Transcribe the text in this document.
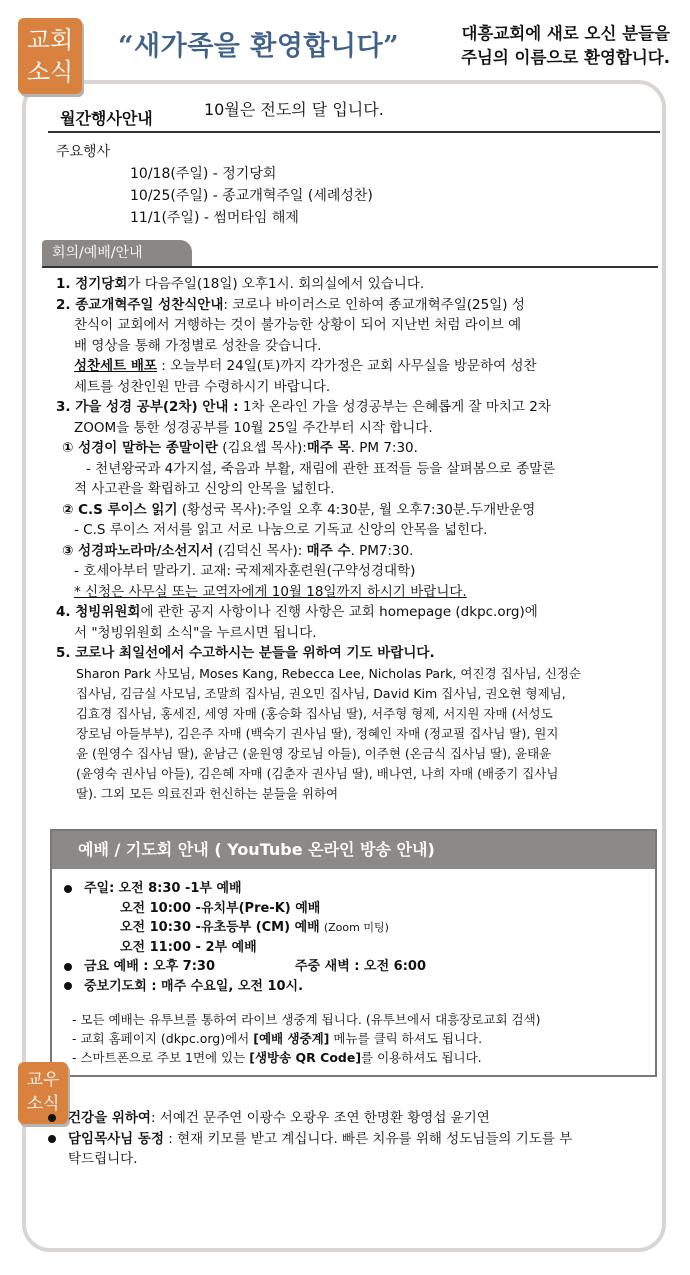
교회
소식
“새가족을 환영합니다”	대흥교회에 새로 오신 분들을
주님의 이름으로 환영합니다.
월간행사안내	10월은 전도의 달 입니다.
주요행사
10/18(주일) - 정기당회
10/25(주일) - 종교개혁주일 (세례성찬)
11/1(주일) - 썸머타임 해제
회의/예배/안내

1. 정기당회가 다음주일(18일) 오후1시. 회의실에서 있습니다.

2. 종교개혁주일 성찬식안내: 코로나 바이러스로 인하여 종교개혁주일(25일) 성

찬식이 교회에서 거행하는 것이 불가능한 상황이 되어 지난번 처럼 라이브 예

배 영상을 통해 가정별로 성찬을 갖습니다.

성찬세트 배포 : 오늘부터 24일(토)까지 각가정은 교회 사무실을 방문하여 성찬

세트를 성찬인원 만큼 수령하시기 바랍니다.

3. 가을 성경 공부(2차) 안내 : 1차 온라인 가을 성경공부는 은혜롭게 잘 마치고 2차

ZOOM을 통한 성경공부를 10월 25일 주간부터 시작 합니다.

① 성경이 말하는 종말이란 (김요셉 목사):매주 목. PM 7:30.

- 천년왕국과 4가지설, 죽음과 부활, 재림에 관한 표적들 등을 살펴봄으로 종말론

적 사고관을 확립하고 신앙의 안목을 넓힌다.

② C.S 루이스 읽기 (황성국 목사):주일 오후 4:30분, 월 오후7:30분.두개반운영

- C.S 루이스 저서를 읽고 서로 나눔으로 기독교 신앙의 안목을 넓힌다.

③ 성경파노라마/소선지서 (김덕신 목사): 매주 수. PM7:30.

- 호세아부터 말라기. 교재: 국제제자훈련원(구약성경대학)

* 신청은 사무실 또는 교역자에게 10월 18일까지 하시기 바랍니다.

4. 청빙위원회에 관한 공지 사항이나 진행 사항은 교회 homepage (dkpc.org)에

서 "청빙위원회 소식"을 누르시면 됩니다.

5. 코로나 최일선에서 수고하시는 분들을 위하여 기도 바랍니다.

Sharon Park 사모님, Moses Kang, Rebecca Lee, Nicholas Park, 여진경 집사님, 신정순
집사님, 김금실 사모님, 조말희 집사님, 권오민 집사님, David Kim 집사님, 권오현 형제님,
김효경 집사님, 홍세진, 세영 자매 (홍승화 집사님 딸), 서주형 형제, 서지원 자매 (서성도
장로님 아들부부), 김은주 자매 (백숙기 권사님 딸), 정혜인 자매 (정교필 집사님 딸), 원지
윤 (원영수 집사님 딸), 윤남근 (윤원영 장로님 아들), 이주현 (온금식 집사님 딸), 윤태윤
(윤영숙 권사님 아들), 김은혜 자매 (김춘자 권사님 딸), 배나연, 나희 자매 (배중기 집사님
딸). 그외 모든 의료진과 헌신하는 분들을 위하여
예배 / 기도회 안내 ( YouTube 온라인 방송 안내)
주일: 오전 8:30 -1부 예배
오전 10:00 -유치부(Pre-K) 예배
오전 10:30 -유초등부 (CM) 예배 (Zoom 미팅)
오전 11:00 - 2부 예배
금요 예배 : 오후 7:30	주중 새벽 : 오전 6:00
중보기도회 : 매주 수요일, 오전 10시.
- 모든 예배는 유투브를 통하여 라이브 생중계 됩니다. (유투브에서 대흥장로교회 검색)
- 교회 홈페이지 (dkpc.org)에서 [예배 생중계] 메뉴를 클릭 하셔도 됩니다.
- 스마트폰으로 주보 1면에 있는 [생방송 QR Code]를 이용하셔도 됩니다.
교우
소식

건강을 위하여: 서예건 문주연 이광수 오광우 조연 한명환 황영섭 윤기연

담임목사님 동정 : 현재 키모를 받고 계십니다. 빠른 치유를 위해 성도님들의 기도를 부

탁드립니다.
